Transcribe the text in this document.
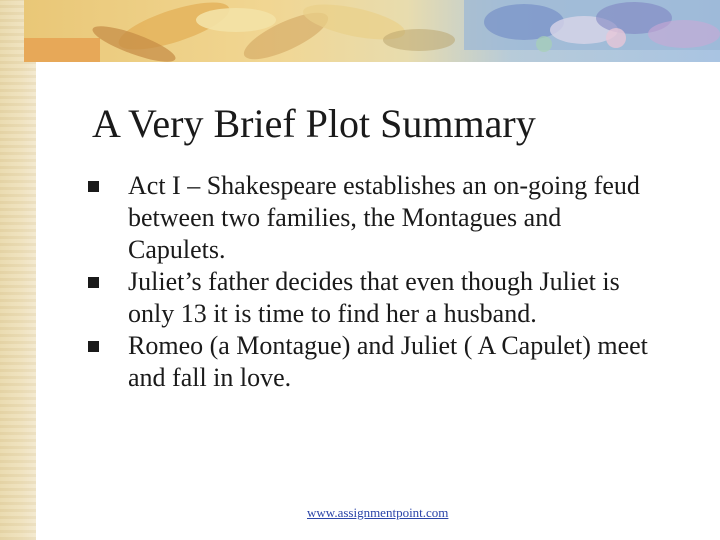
A Very Brief Plot Summary
Act I – Shakespeare establishes an on-going feud between two families, the Montagues and Capulets.
Juliet’s father decides that even though Juliet is only 13 it is time to find her a husband.
Romeo (a Montague) and Juliet ( A Capulet) meet and fall in love.
www.assignmentpoint.com
